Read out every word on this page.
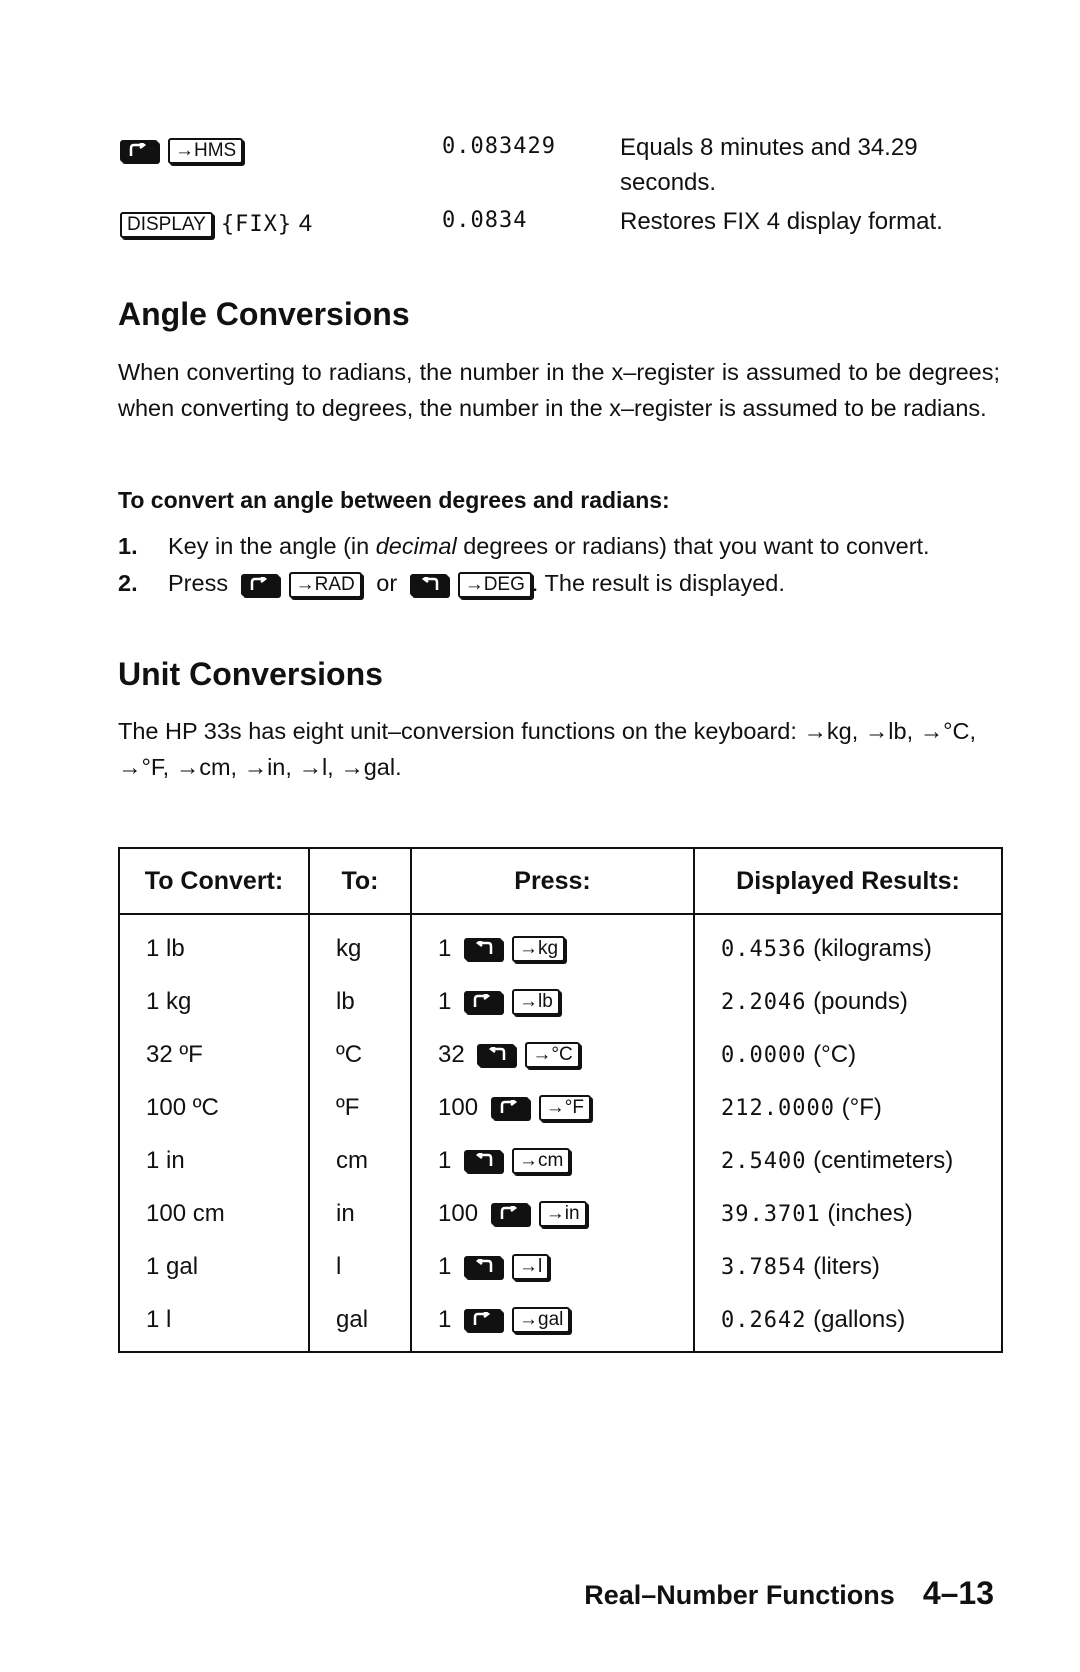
→HMS	0.083429	Equals 8 minutes and 34.29 seconds.
DISPLAY {FIX} 4	0.0834	Restores FIX 4 display format.
Angle Conversions

When converting to radians, the number in the x–register is assumed to be degrees; when converting to degrees, the number in the x–register is assumed to be radians.

To convert an angle between degrees and radians:
1. Key in the angle (in decimal degrees or radians) that you want to convert.
2. Press	→RAD or	→DEG . The result is displayed.
Unit Conversions

The HP 33s has eight unit–conversion functions on the keyboard: →kg, →lb, →°C, →°F, →cm, →in, →l, →gal.

To Convert:	To:	Press:	Displayed Results:
1 lb	kg	1 →kg	0.4536 (kilograms)
1 kg	lb	1 →lb	2.2046 (pounds)
32 ºF	ºC	32 →°C	0.0000 (°C)
100 ºC	ºF	100 →°F	212.0000 (°F)
1 in	cm	1 →cm	2.5400 (centimeters)
100 cm	in	100 →in	39.3701 (inches)
1 gal	l	1 →l	3.7854 (liters)
1 l	gal	1 →gal	0.2642 (gallons)
Real–Number Functions 4–13
